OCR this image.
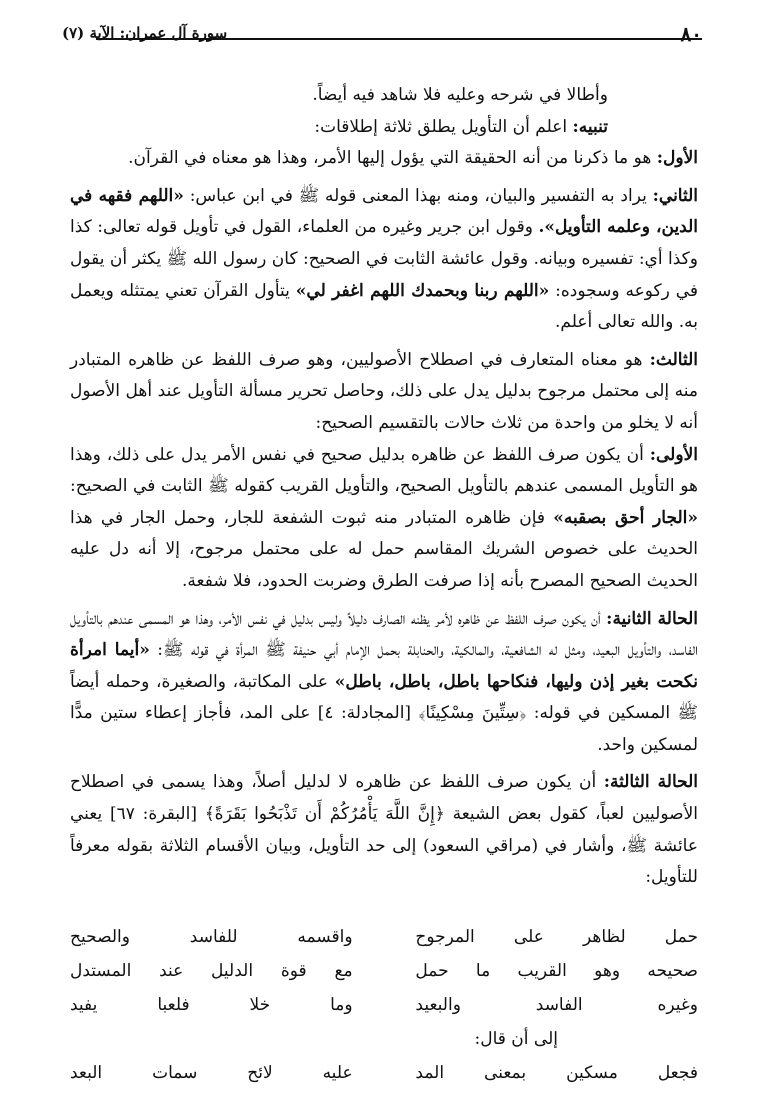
٨٠
سورة آل عمران: الآية (٧)

وأطالا في شرحه وعليه فلا شاهد فيه أيضاً.

تنبيه: اعلم أن التأويل يطلق ثلاثة إطلاقات:

الأول: هو ما ذكرنا من أنه الحقيقة التي يؤول إليها الأمر، وهذا هو معناه في القرآن.

الثاني: يراد به التفسير والبيان، ومنه بهذا المعنى قوله ﷺ في ابن عباس: «اللهم فقهه في الدين، وعلمه التأويل». وقول ابن جرير وغيره من العلماء، القول في تأويل قوله تعالى: كذا وكذا أي: تفسيره وبيانه. وقول عائشة الثابت في الصحيح: كان رسول الله ﷺ يكثر أن يقول في ركوعه وسجوده: «اللهم ربنا وبحمدك اللهم اغفر لي» يتأول القرآن تعني يمتثله ويعمل به. والله تعالى أعلم.

الثالث: هو معناه المتعارف في اصطلاح الأصوليين، وهو صرف اللفظ عن ظاهره المتبادر منه إلى محتمل مرجوح بدليل يدل على ذلك، وحاصل تحرير مسألة التأويل عند أهل الأصول أنه لا يخلو من واحدة من ثلاث حالات بالتقسيم الصحيح:

الأولى: أن يكون صرف اللفظ عن ظاهره بدليل صحيح في نفس الأمر يدل على ذلك، وهذا هو التأويل المسمى عندهم بالتأويل الصحيح، والتأويل القريب كقوله ﷺ الثابت في الصحيح: «الجار أحق بصقبه» فإن ظاهره المتبادر منه ثبوت الشفعة للجار، وحمل الجار في هذا الحديث على خصوص الشريك المقاسم حمل له على محتمل مرجوح، إلا أنه دل عليه الحديث الصحيح المصرح بأنه إذا صرفت الطرق وضربت الحدود، فلا شفعة.

الحالة الثانية: أن يكون صرف اللفظ عن ظاهره لأمر يظنه الصارف دليلاً وليس بدليل في نفس الأمر، وهذا هو المسمى عندهم بالتأويل الفاسد، والتأويل البعيد، ومثل له الشافعية، والمالكية، والحنابلة بحمل الإمام أبي حنيفة ﷺ المرأة في قوله ﷺ: «أيما امرأة نكحت بغير إذن وليها، فنكاحها باطل، باطل، باطل» على المكاتبة، والصغيرة، وحمله أيضاً ﷺ المسكين في قوله: ﴿سِتِّينَ مِسْكِينًا﴾ [المجادلة: ٤] على المد، فأجاز إعطاء ستين مدًّا لمسكين واحد.

الحالة الثالثة: أن يكون صرف اللفظ عن ظاهره لا لدليل أصلاً، وهذا يسمى في اصطلاح الأصوليين لعباً، كقول بعض الشيعة ﴿إِنَّ اللَّهَ يَأْمُرُكُمْ أَن تَذْبَحُوا بَقَرَةً﴾ [البقرة: ٦٧] يعني عائشة ﷺ، وأشار في (مراقي السعود) إلى حد التأويل، وبيان الأقسام الثلاثة بقوله معرفاً للتأويل:

حمل لظاهر على المرجوح
واقسمه للفاسد والصحيح
صحيحه وهو القريب ما حمل
مع قوة الدليل عند المستدل
وغيره الفاسد والبعيد
وما خلا فلعبا يفيد
إلى أن قال:
فجعل مسكين بمعنى المد
عليه لائح سمات البعد
